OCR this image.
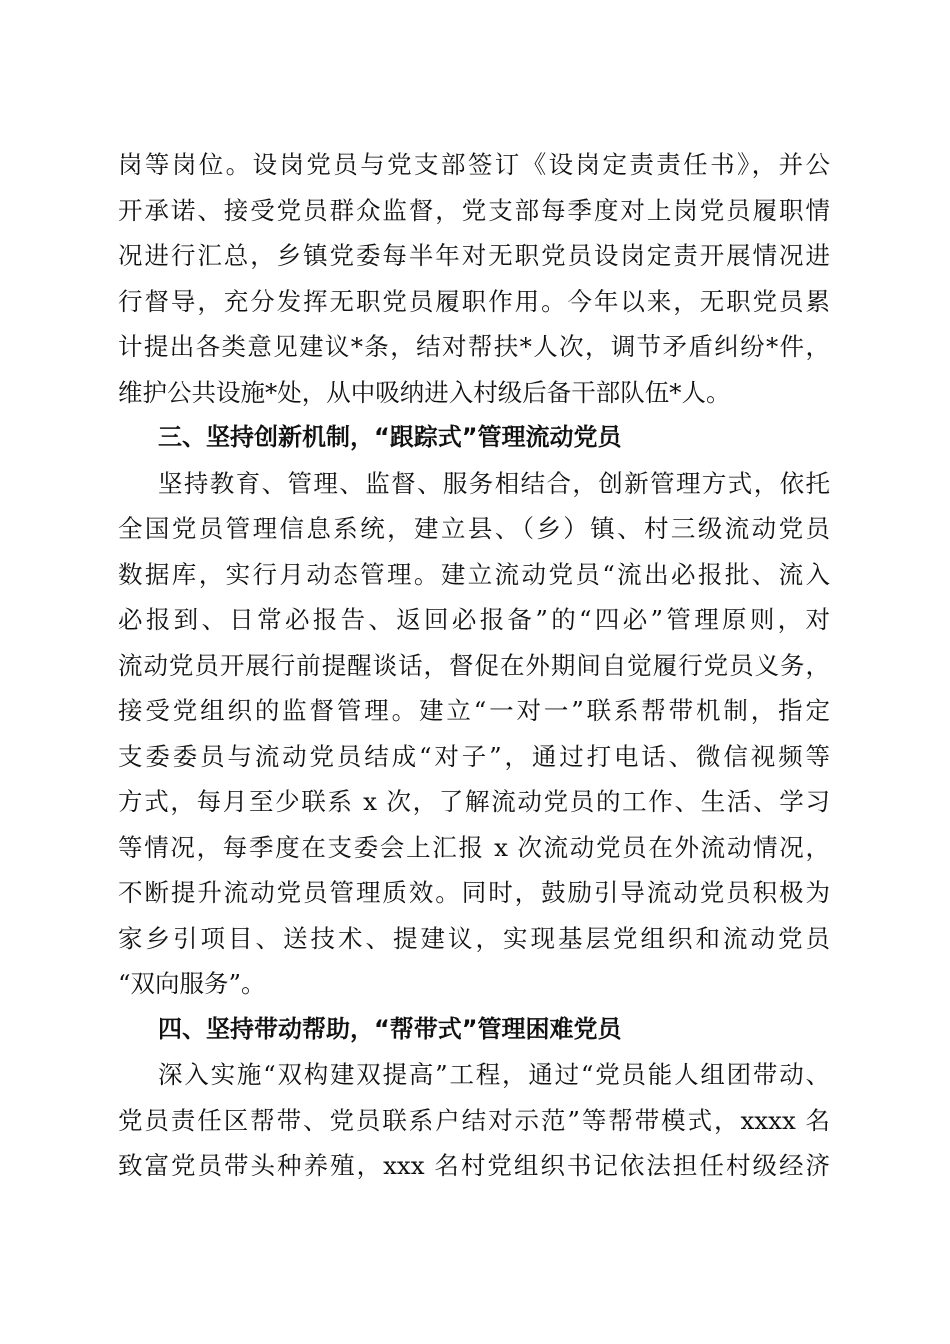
岗等岗位。设岗党员与党支部签订《设岗定责责任书》，并公
开承诺、接受党员群众监督，党支部每季度对上岗党员履职情
况进行汇总，乡镇党委每半年对无职党员设岗定责开展情况进
行督导，充分发挥无职党员履职作用。今年以来，无职党员累
计提出各类意见建议*条，结对帮扶*人次，调节矛盾纠纷*件，
维护公共设施*处，从中吸纳进入村级后备干部队伍*人。
三、坚持创新机制，“跟踪式”管理流动党员
坚持教育、管理、监督、服务相结合，创新管理方式，依托
全国党员管理信息系统，建立县、（乡）镇、村三级流动党员
数据库，实行月动态管理。建立流动党员“流出必报批、流入
必报到、日常必报告、返回必报备”的“四必”管理原则，对
流动党员开展行前提醒谈话，督促在外期间自觉履行党员义务，
接受党组织的监督管理。建立“一对一”联系帮带机制，指定
支委委员与流动党员结成“对子”，通过打电话、微信视频等
方式，每月至少联系 x 次，了解流动党员的工作、生活、学习
等情况，每季度在支委会上汇报 x 次流动党员在外流动情况，
不断提升流动党员管理质效。同时，鼓励引导流动党员积极为
家乡引项目、送技术、提建议，实现基层党组织和流动党员
“双向服务”。
四、坚持带动帮助，“帮带式”管理困难党员
深入实施“双构建双提高”工程，通过“党员能人组团带动、
党员责任区帮带、党员联系户结对示范”等帮带模式，xxxx 名
致富党员带头种养殖，xxx 名村党组织书记依法担任村级经济
